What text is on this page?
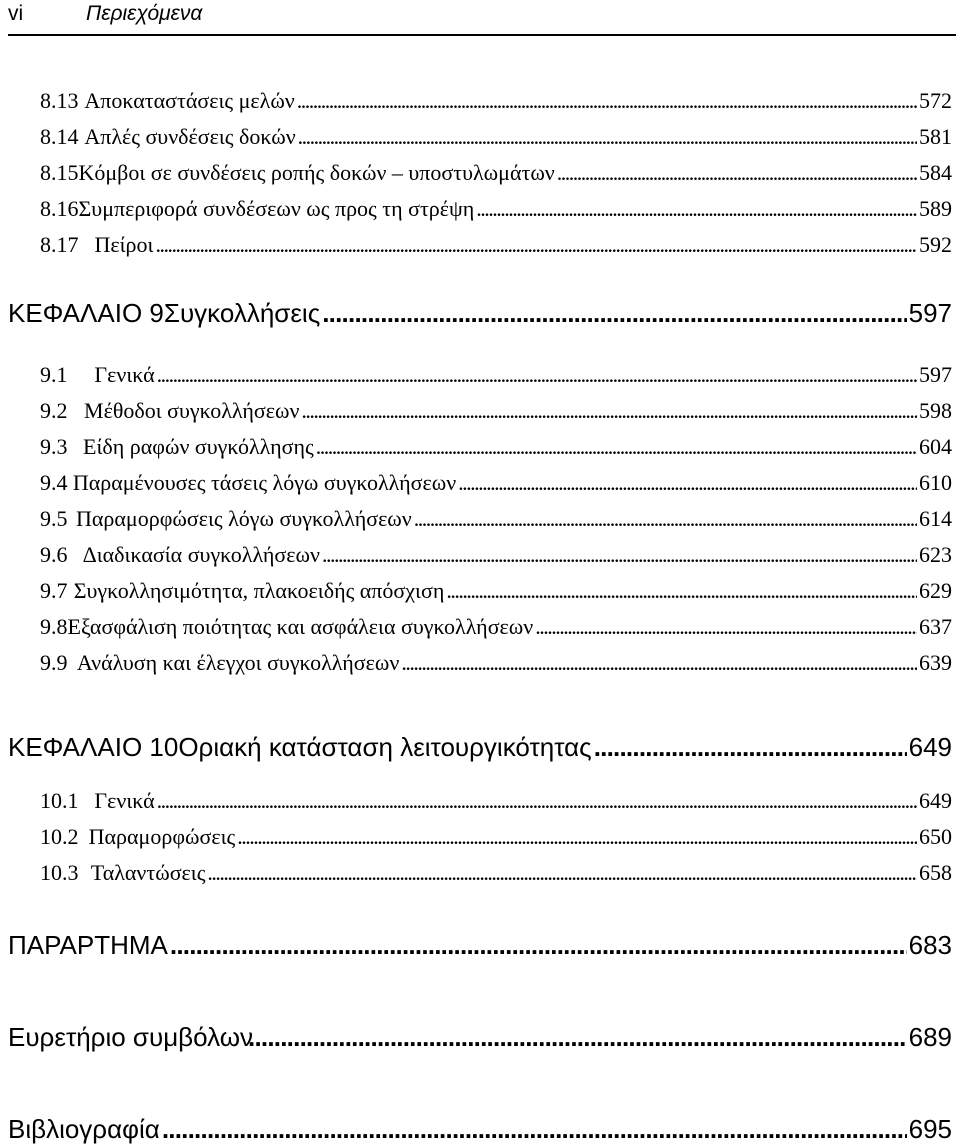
vi	Περιεχόμενα
8.13 Αποκαταστάσεις μελών . . .	572
8.14 Απλές συνδέσεις δοκών . . .	581
8.15 Κόμβοι σε συνδέσεις ροπής δοκών – υποστυλωμάτων . . .	584
8.16 Συμπεριφορά συνδέσεων ως προς τη στρέψη . . .	589
8.17 Πείροι . . .	592
ΚΕΦΑΛΑΙΟ 9 Συγκολλήσεις . . .	597
9.1	Γενικά . . .	597
9.2 Μέθοδοι συγκολλήσεων . . .	598
9.3 Είδη ραφών συγκόλλησης . . .	604
9.4 Παραμένουσες τάσεις λόγω συγκολλήσεων . . .	610
9.5 Παραμορφώσεις λόγω συγκολλήσεων . . .	614
9.6 Διαδικασία συγκολλήσεων . . .	623
9.7 Συγκολλησιμότητα, πλακοειδής απόσχιση . . .	629
9.8 Εξασφάλιση ποιότητας και ασφάλεια συγκολλήσεων . . .	637
9.9 Ανάλυση και έλεγχοι συγκολλήσεων . . .	639
ΚΕΦΑΛΑΙΟ 10 Οριακή κατάσταση λειτουργικότητας . . .	649
10.1 Γενικά . . .	649
10.2 Παραμορφώσεις . . .	650
10.3 Ταλαντώσεις . . .	658
ΠΑΡΑΡΤΗΜΑ . . .	683
Ευρετήριο συμβόλων . . .	689
Βιβλιογραφία . . .	695
